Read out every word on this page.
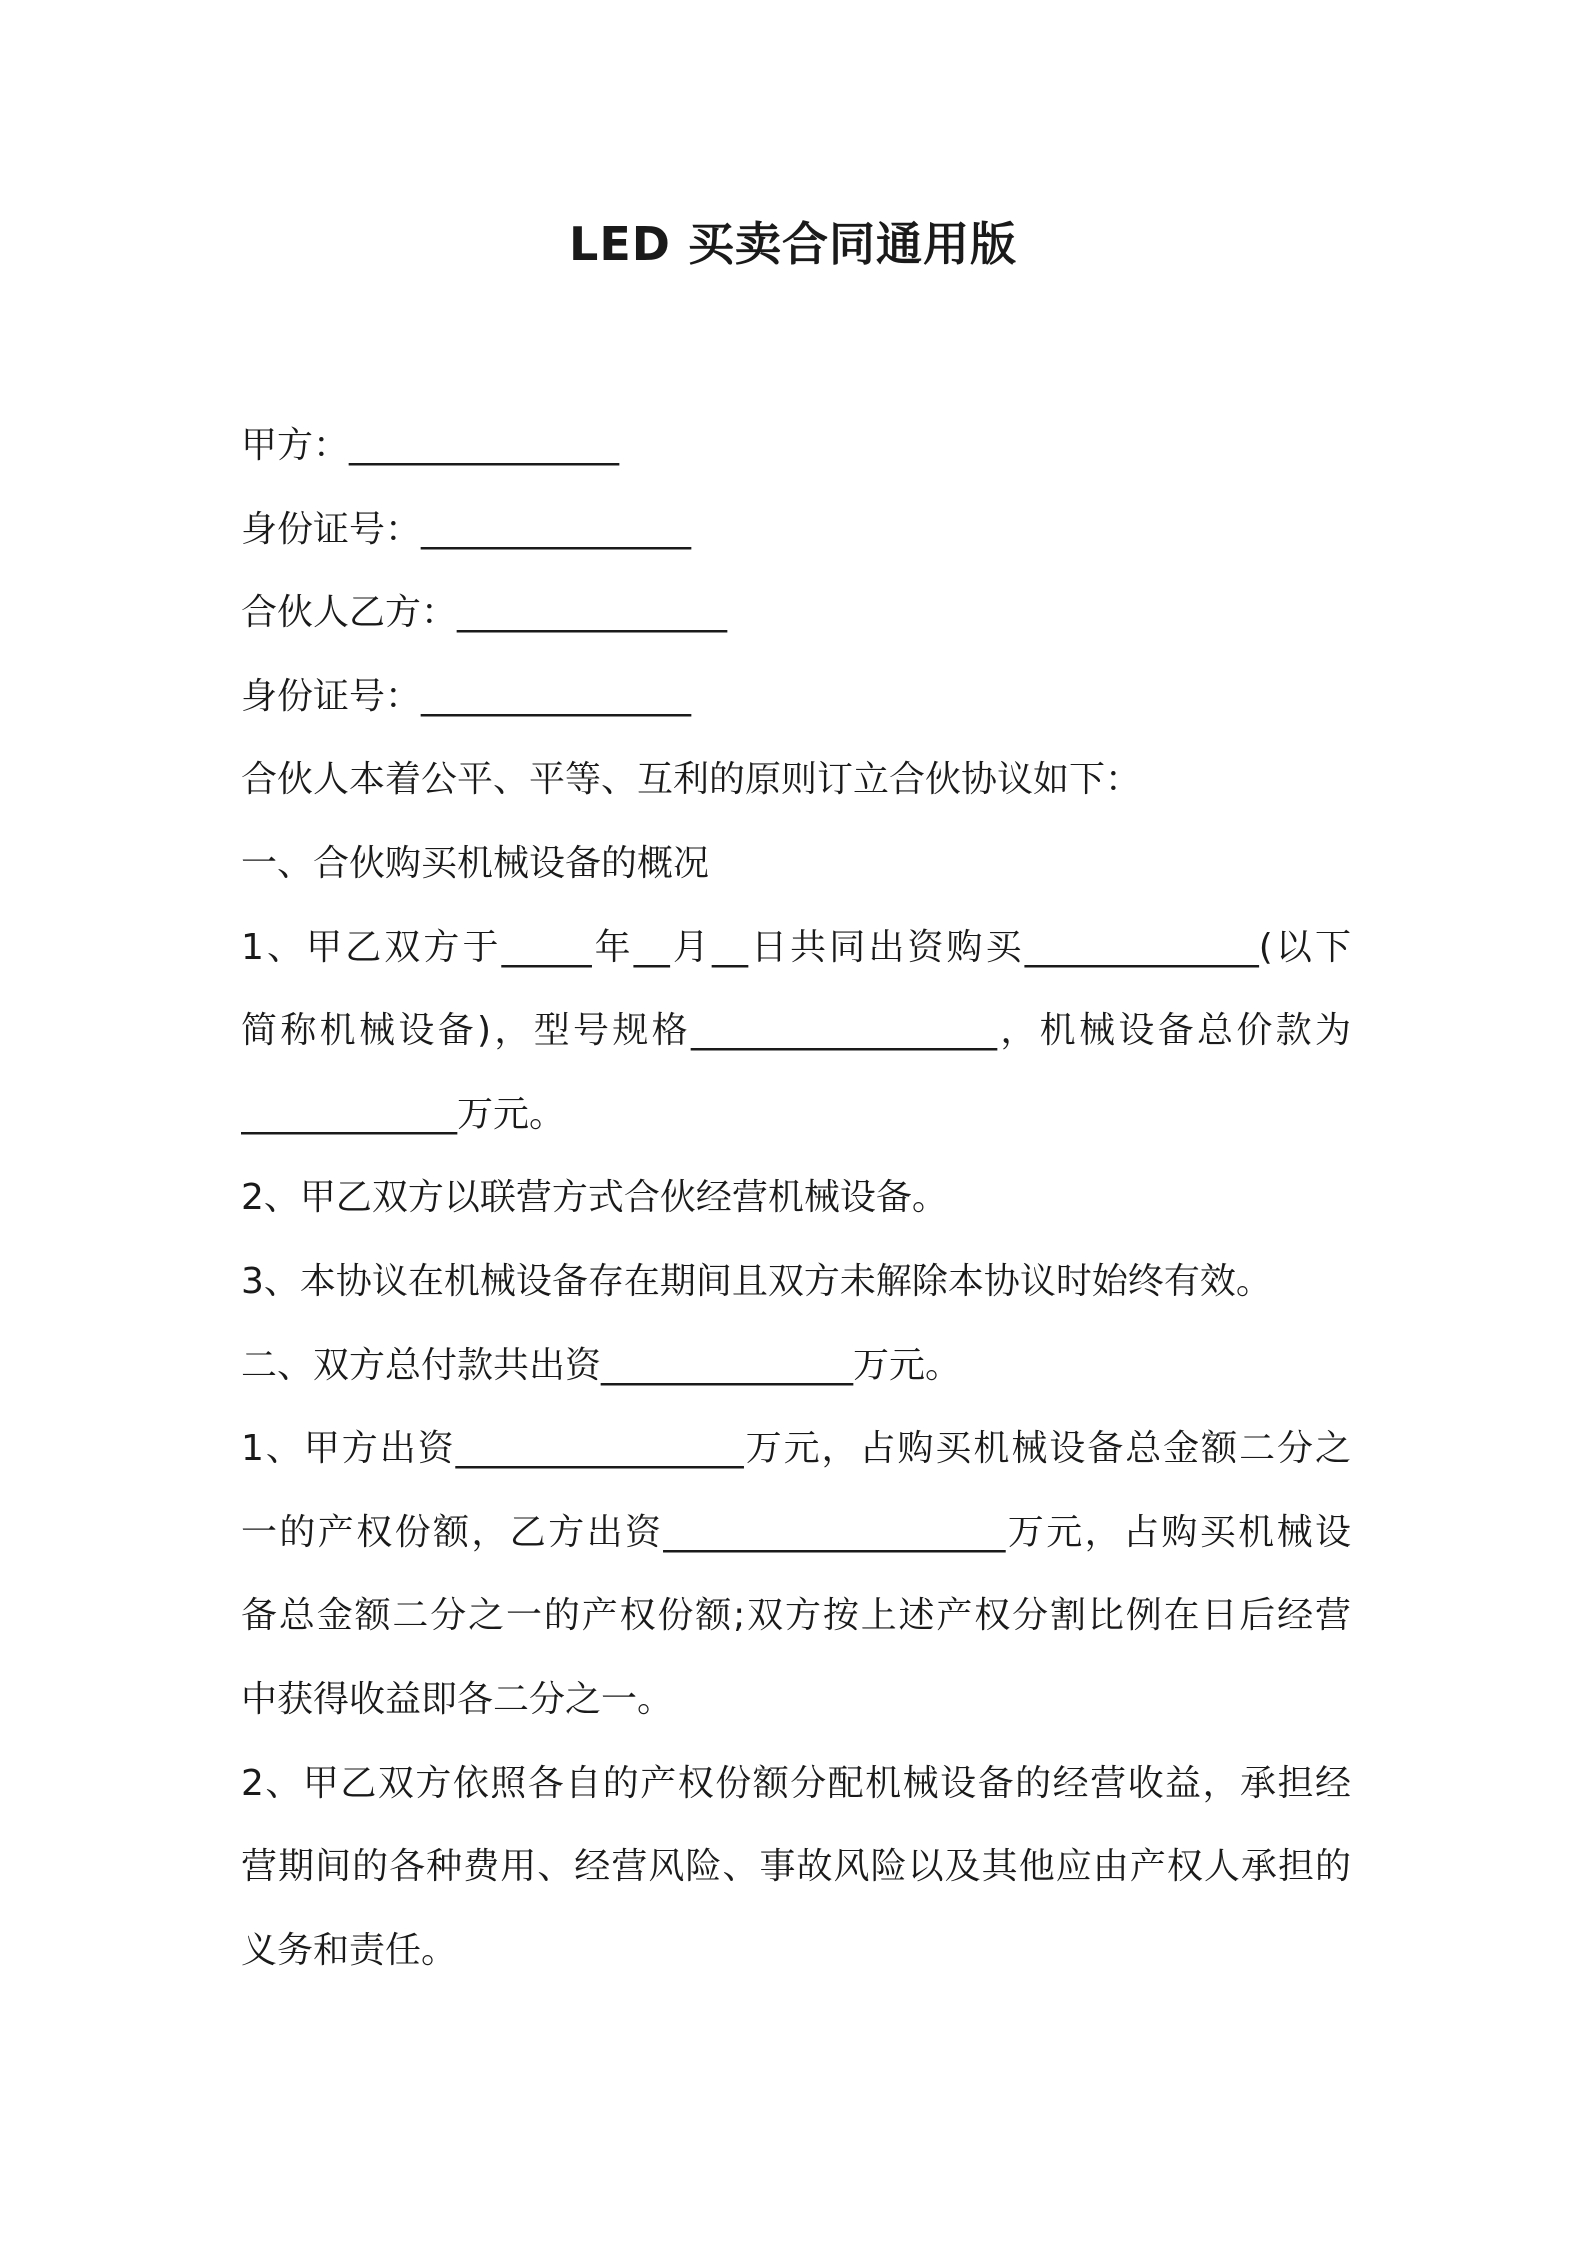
LED 买卖合同通用版

甲方：_______________

身份证号：_______________

合伙人乙方：_______________

身份证号：_______________

合伙人本着公平、平等、互利的原则订立合伙协议如下：

一、合伙购买机械设备的概况

1、甲乙双方于_____年__月__日共同出资购买_____________(以下

简称机械设备)，型号规格_________________，机械设备总价款为

____________万元。

2、甲乙双方以联营方式合伙经营机械设备。

3、本协议在机械设备存在期间且双方未解除本协议时始终有效。

二、双方总付款共出资______________万元。

1、甲方出资________________万元，占购买机械设备总金额二分之

一的产权份额，乙方出资___________________万元，占购买机械设

备总金额二分之一的产权份额;双方按上述产权分割比例在日后经营

中获得收益即各二分之一。

2、甲乙双方依照各自的产权份额分配机械设备的经营收益，承担经

营期间的各种费用、经营风险、事故风险以及其他应由产权人承担的

义务和责任。
